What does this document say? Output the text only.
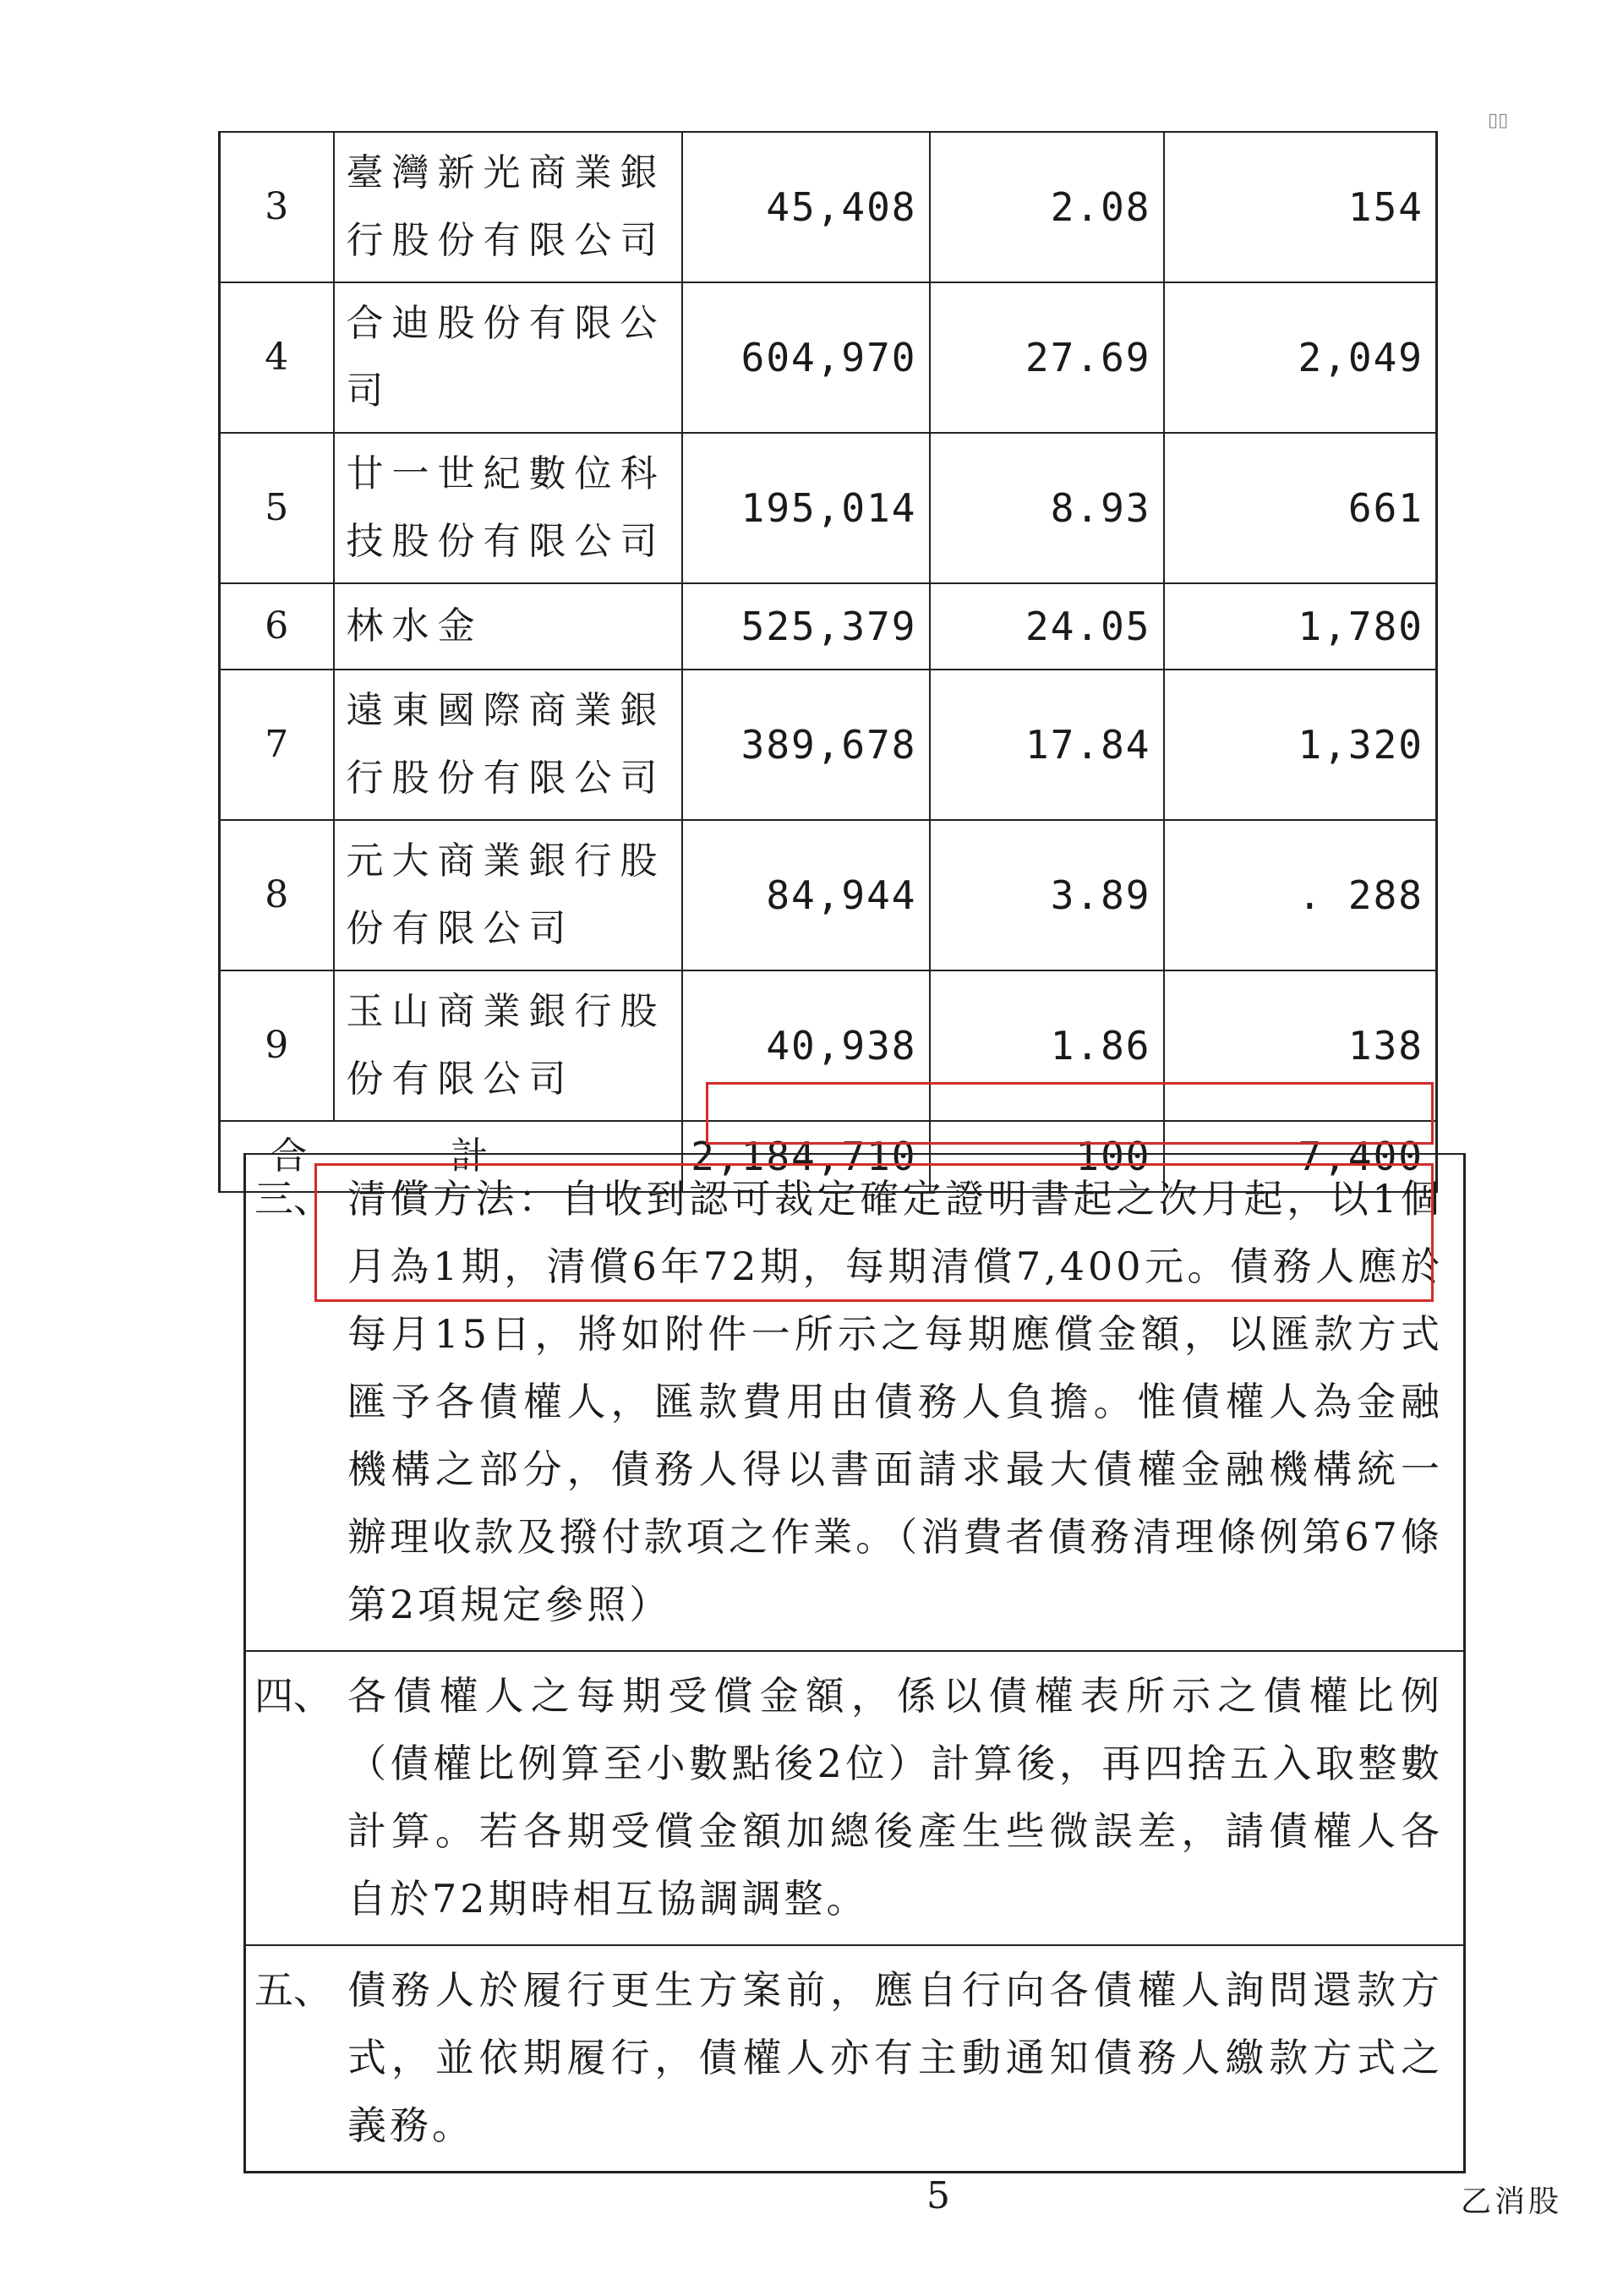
▯▯
3	臺灣新光商業銀行股份有限公司	45,408	2.08	154
4	合迪股份有限公司	604,970	27.69	2,049
5	廿一世紀數位科技股份有限公司	195,014	8.93	661
6	林水金	525,379	24.05	1,780
7	遠東國際商業銀行股份有限公司	389,678	17.84	1,320
8	元大商業銀行股份有限公司	84,944	3.89	. 288
9	玉山商業銀行股份有限公司	40,938	1.86	138
合計		2,184,710	100	7,400
三、 清償方法：自收到認可裁定確定證明書起之次月起，以1個月為1期，清償6年72期，每期清償7,400元。債務人應於每月15日，將如附件一所示之每期應償金額，以匯款方式匯予各債權人，匯款費用由債務人負擔。惟債權人為金融機構之部分，債務人得以書面請求最大債權金融機構統一辦理收款及撥付款項之作業。（消費者債務清理條例第67條第2項規定參照）
四、 各債權人之每期受償金額，係以債權表所示之債權比例（債權比例算至小數點後2位）計算後，再四捨五入取整數計算。若各期受償金額加總後產生些微誤差，請債權人各自於72期時相互協調調整。
五、 債務人於履行更生方案前，應自行向各債權人詢問還款方式，並依期履行，債權人亦有主動通知債務人繳款方式之義務。
5	乙消股
